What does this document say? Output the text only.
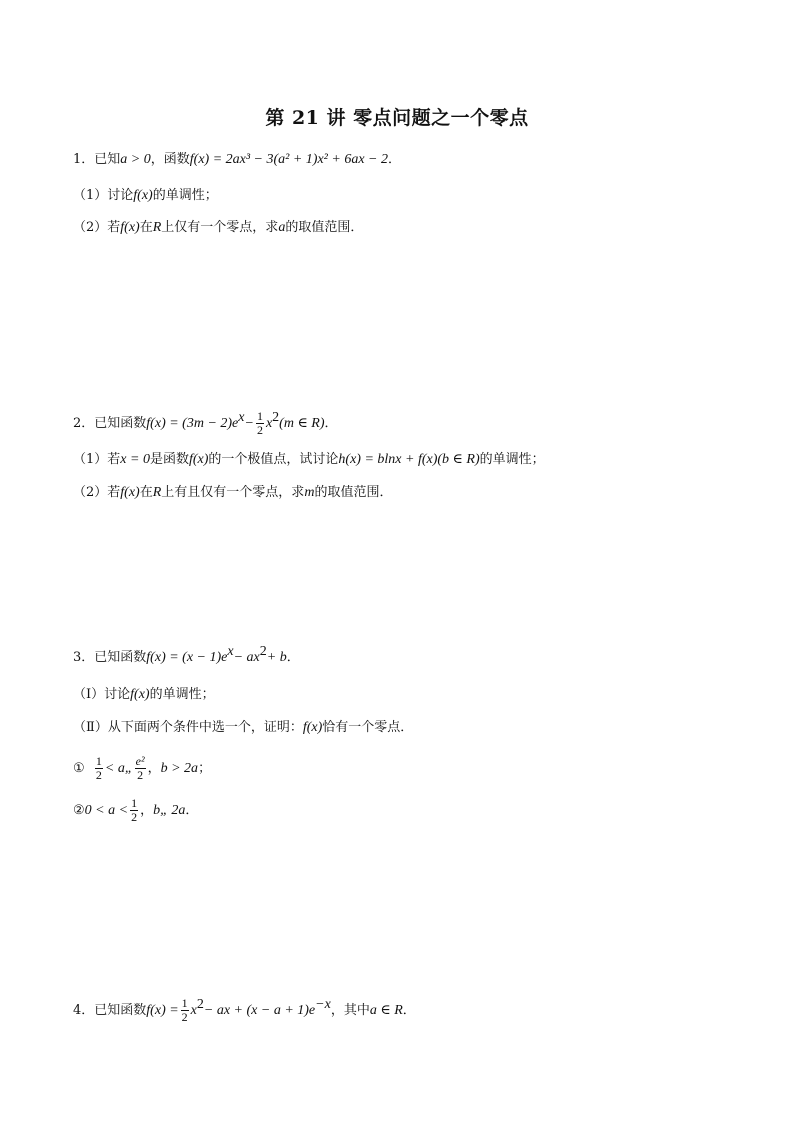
第 21 讲 零点问题之一个零点
1．已知a > 0，函数f(x) = 2ax³ − 3(a² + 1)x² + 6ax − 2．
（1）讨论f(x)的单调性；
（2）若f(x)在R上仅有一个零点，求a的取值范围．
2．已知函数$f(x) = (3m - 2)e^x- \frac{1}{2} x^2(m$ ∈ R)．
（1）若x = 0是函数f(x)的一个极值点，试讨论h(x) = blnx + f(x)(b ∈ R)的单调性；
（2）若f(x)在R上有且仅有一个零点，求m的取值范围．
3．已知函数$f(x) = (x - 1)e^x- ax^2+ b$．
（Ⅰ）讨论f(x)的单调性；
（Ⅱ）从下面两个条件中选一个，证明：f(x)恰有一个零点．
① $\frac{1}{2}$ < a„ $\frac{\text{e²}}{2}$ ，b > 2a；
②0 < $a < \frac{1}{2}$ ，b„ 2a．
4．已知函数$f(x) = \frac{1}{2} x^2-$ ax + $(x - a + 1)e^{-x}$，其中a ∈ R．
